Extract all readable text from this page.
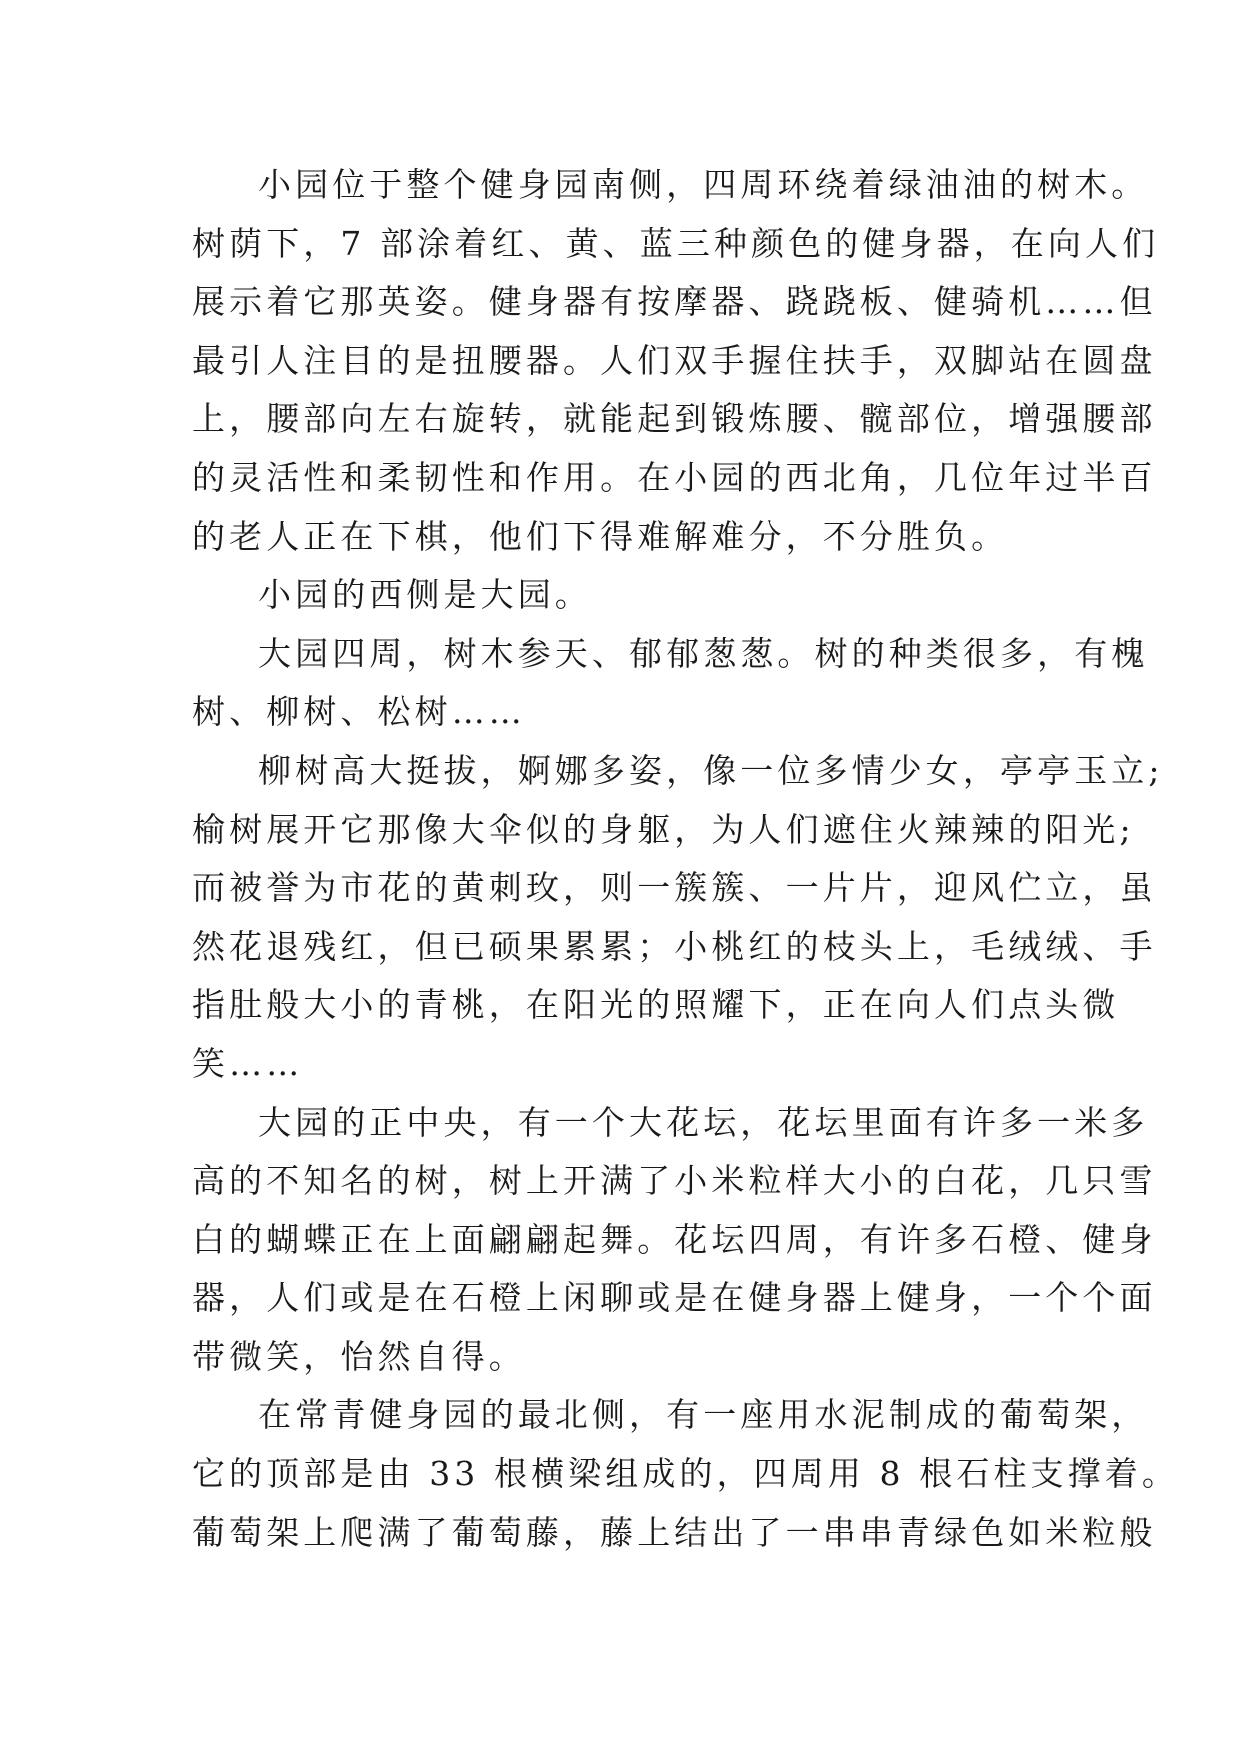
小园位于整个健身园南侧，四周环绕着绿油油的树木。
树荫下，7 部涂着红、黄、蓝三种颜色的健身器，在向人们
展示着它那英姿。健身器有按摩器、跷跷板、健骑机……但
最引人注目的是扭腰器。人们双手握住扶手，双脚站在圆盘
上，腰部向左右旋转，就能起到锻炼腰、髋部位，增强腰部
的灵活性和柔韧性和作用。在小园的西北角，几位年过半百
的老人正在下棋，他们下得难解难分，不分胜负。

小园的西侧是大园。

大园四周，树木参天、郁郁葱葱。树的种类很多，有槐
树、柳树、松树……

柳树高大挺拔，婀娜多姿，像一位多情少女，亭亭玉立;
榆树展开它那像大伞似的身躯，为人们遮住火辣辣的阳光;
而被誉为市花的黄刺玫，则一簇簇、一片片，迎风伫立，虽
然花退残红，但已硕果累累；小桃红的枝头上，毛绒绒、手
指肚般大小的青桃，在阳光的照耀下，正在向人们点头微
笑……

大园的正中央，有一个大花坛，花坛里面有许多一米多
高的不知名的树，树上开满了小米粒样大小的白花，几只雪
白的蝴蝶正在上面翩翩起舞。花坛四周，有许多石橙、健身
器，人们或是在石橙上闲聊或是在健身器上健身，一个个面
带微笑，怡然自得。

在常青健身园的最北侧，有一座用水泥制成的葡萄架，
它的顶部是由 33 根横梁组成的，四周用 8 根石柱支撑着。
葡萄架上爬满了葡萄藤，藤上结出了一串串青绿色如米粒般
